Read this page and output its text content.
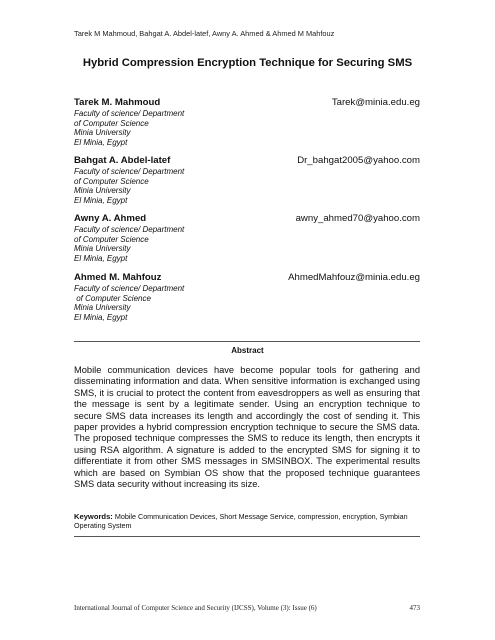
Tarek M Mahmoud, Bahgat A. Abdel-latef, Awny A. Ahmed & Ahmed M Mahfouz
Hybrid Compression Encryption Technique for Securing SMS
Tarek M. Mahmoud	Tarek@minia.edu.eg
Faculty of science/ Department
of Computer Science
Minia University
El Minia, Egypt
Bahgat A. Abdel-latef	Dr_bahgat2005@yahoo.com
Faculty of science/ Department
of Computer Science
Minia University
El Minia, Egypt
Awny A. Ahmed	awny_ahmed70@yahoo.com
Faculty of science/ Department
of Computer Science
Minia University
El Minia, Egypt
Ahmed M. Mahfouz	AhmedMahfouz@minia.edu.eg
Faculty of science/ Department
of Computer Science
Minia University
El Minia, Egypt
Abstract
Mobile communication devices have become popular tools for gathering and disseminating information and data. When sensitive information is exchanged using SMS, it is crucial to protect the content from eavesdroppers as well as ensuring that the message is sent by a legitimate sender. Using an encryption technique to secure SMS data increases its length and accordingly the cost of sending it. This paper provides a hybrid compression encryption technique to secure the SMS data. The proposed technique compresses the SMS to reduce its length, then encrypts it using RSA algorithm. A signature is added to the encrypted SMS for signing it to differentiate it from other SMS messages in SMSINBOX. The experimental results which are based on Symbian OS show that the proposed technique guarantees SMS data security without increasing its size.
Keywords: Mobile Communication Devices, Short Message Service, compression, encryption, Symbian Operating System
International Journal of Computer Science and Security (IJCSS), Volume (3): Issue (6)	473
